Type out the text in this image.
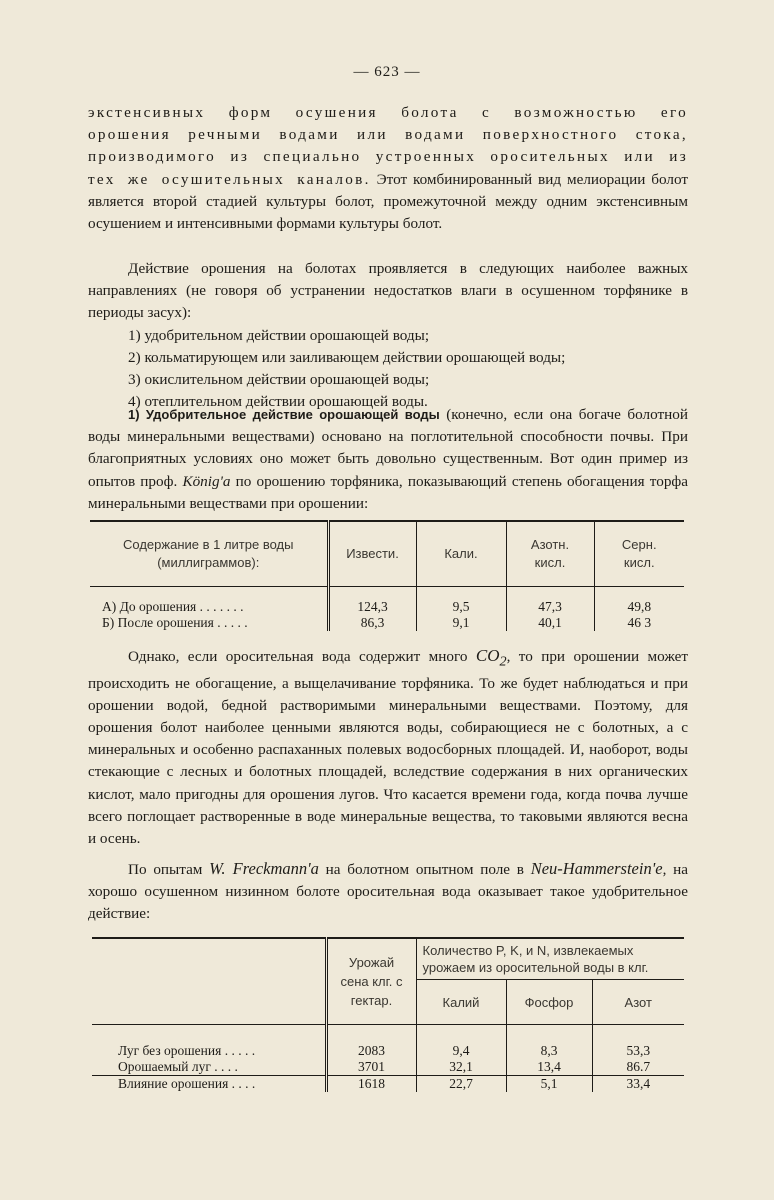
— 623 —

экстенсивных форм осушения болота с возможностью его орошения речными водами или водами поверхностного стока, производимого из специально устроенных оросительных или из тех же осушительных каналов. Этот комбинированный вид мелиорации болот является второй стадией культуры болот, промежуточной между одним экстенсивным осушением и интенсивными формами культуры болот.

Действие орошения на болотах проявляется в следующих наиболее важных направлениях (не говоря об устранении недостатков влаги в осушенном торфянике в периоды засух):

1) удобрительном действии орошающей воды;
2) кольматирующем или заиливающем действии орошающей воды;
3) окислительном действии орошающей воды;
4) отеплительном действии орошающей воды.

1) Удобрительное действие орошающей воды (конечно, если она богаче болотной воды минеральными веществами) основано на поглотительной способности почвы. При благоприятных условиях оно может быть довольно существенным. Вот один пример из опытов проф. König'a по орошению торфяника, показывающий степень обогащения торфа минеральными веществами при орошении:

Содержание в 1 литре воды (миллиграммов):	Извести.	Кали.	Азотн. кисл.	Серн. кисл.

А) До орошения . . . . . . .	124,3	9,5	47,3	49,8
Б) После орошения . . . . .	86,3	9,1	40,1	46 3

Однако, если оросительная вода содержит много $CO_2$, то при орошении может происходить не обогащение, а выщелачивание торфяника. То же будет наблюдаться и при орошении водой, бедной растворимыми минеральными веществами. Поэтому, для орошения болот наиболее ценными являются воды, собирающиеся не с болотных, а с минеральных и особенно распаханных полевых водосборных площадей. И, наоборот, воды стекающие с лесных и болотных площадей, вследствие содержания в них органических кислот, мало пригодны для орошения лугов. Что касается времени года, когда почва лучше всего поглощает растворенные в воде минеральные вещества, то таковыми являются весна и осень.

По опытам W. Freckmann'a на болотном опытном поле в Neu-Hammerstein'e, на хорошо осушенном низинном болоте оросительная вода оказывает такое удобрительное действие:

	Урожай сена клг. с гектар.	Количество P, K, и N, извлекаемых урожаем из оросительной воды в клг.		
		Калий	Фосфор	Азот

Луг без орошения . . . . .	2083	9,4	8,3	53,3
Орошаемый луг . . . .	3701	32,1	13,4	86.7
Влияние орошения . . . .	1618	22,7	5,1	33,4
